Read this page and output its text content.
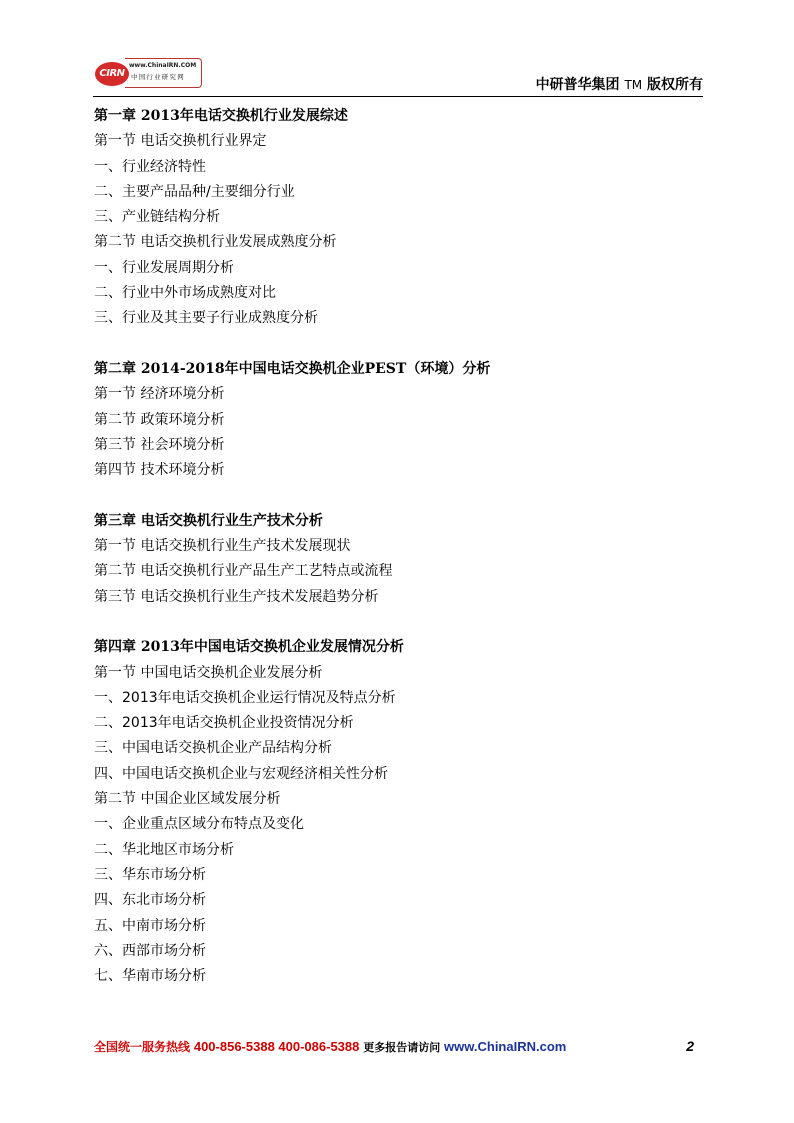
CIRN
www.ChinaIRN.COM
中国行业研究网	中研普华集团 TM 版权所有
第一章 2013年电话交换机行业发展综述
第一节 电话交换机行业界定
一、行业经济特性
二、主要产品品种/主要细分行业
三、产业链结构分析
第二节 电话交换机行业发展成熟度分析
一、行业发展周期分析
二、行业中外市场成熟度对比
三、行业及其主要子行业成熟度分析
第二章 2014-2018年中国电话交换机企业PEST（环境）分析
第一节 经济环境分析
第二节 政策环境分析
第三节 社会环境分析
第四节 技术环境分析
第三章 电话交换机行业生产技术分析
第一节 电话交换机行业生产技术发展现状
第二节 电话交换机行业产品生产工艺特点或流程
第三节 电话交换机行业生产技术发展趋势分析
第四章 2013年中国电话交换机企业发展情况分析
第一节 中国电话交换机企业发展分析
一、2013年电话交换机企业运行情况及特点分析
二、2013年电话交换机企业投资情况分析
三、中国电话交换机企业产品结构分析
四、中国电话交换机企业与宏观经济相关性分析
第二节 中国企业区域发展分析
一、企业重点区域分布特点及变化
二、华北地区市场分析
三、华东市场分析
四、东北市场分析
五、中南市场分析
六、西部市场分析
七、华南市场分析
全国统一服务热线 400-856-5388 400-086-5388 更多报告请访问 www.ChinaIRN.com	2
